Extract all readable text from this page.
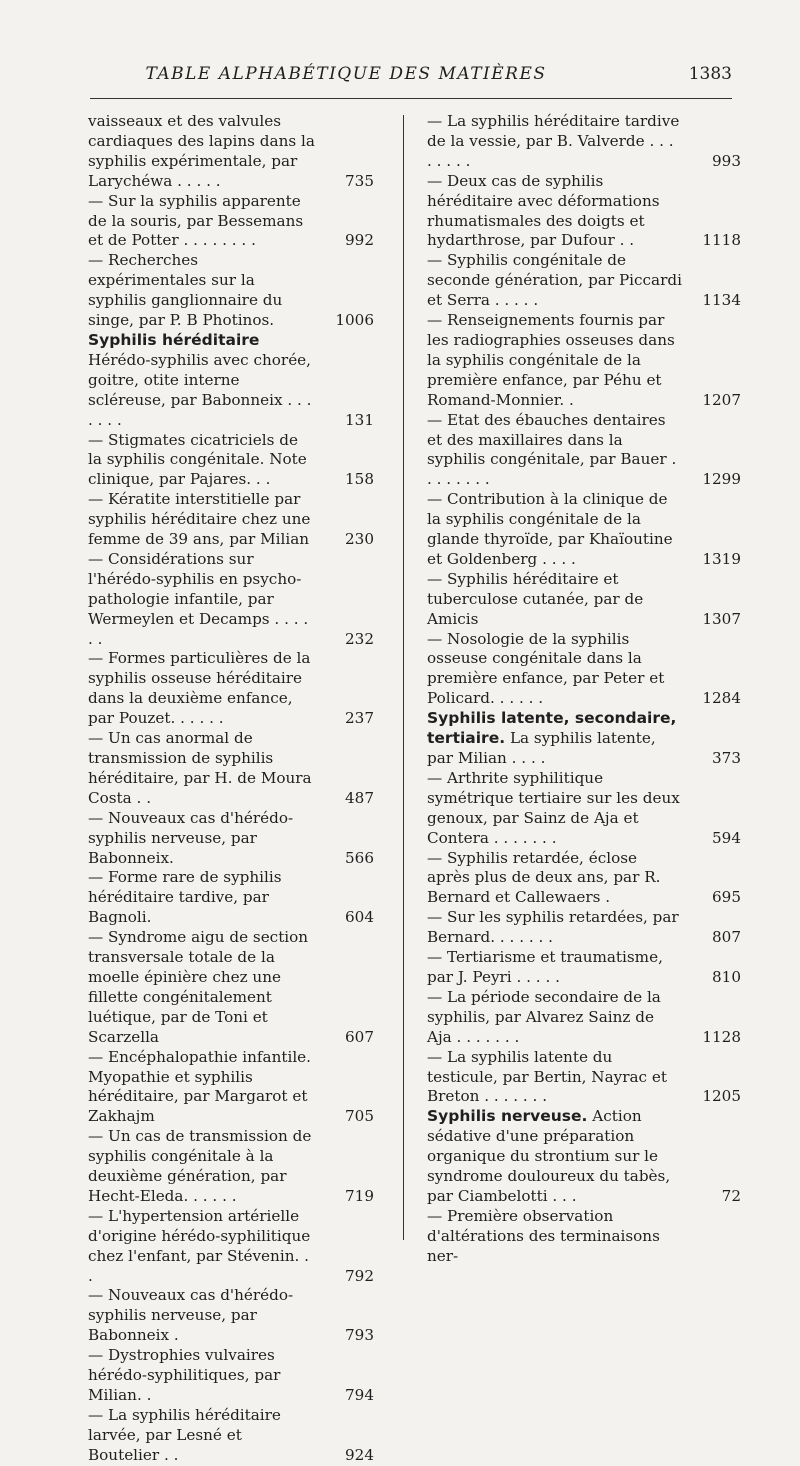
TABLE ALPHABÉTIQUE DES MATIÈRES	1383
vaisseaux et des valvules cardiaques des lapins dans la syphilis expérimentale, par Larychéwa . . . . .	735
— Sur la syphilis apparente de la souris, par Bessemans et de Potter . . . . . . . .	992
— Recherches expérimentales sur la syphilis ganglionnaire du singe, par P. B Photinos.	1006
Syphilis héréditaire Hérédo-syphilis avec chorée, goitre, otite interne scléreuse, par Babonneix . . . . . . .	131
— Stigmates cicatriciels de la syphilis congénitale. Note clinique, par Pajares. . .	158
— Kératite interstitielle par syphilis héréditaire chez une femme de 39 ans, par Milian	230
— Considérations sur l'hérédo-syphilis en psycho-pathologie infantile, par Wermeylen et Decamps . . . . . .	232
— Formes particulières de la syphilis osseuse héréditaire dans la deuxième enfance, par Pouzet. . . . . .	237
— Un cas anormal de transmission de syphilis héréditaire, par H. de Moura Costa . .	487
— Nouveaux cas d'hérédo-syphilis nerveuse, par Babonneix.	566
— Forme rare de syphilis héréditaire tardive, par Bagnoli.	604
— Syndrome aigu de section transversale totale de la moelle épinière chez une fillette congénitalement luétique, par de Toni et Scarzella	607
— Encéphalopathie infantile. Myopathie et syphilis héréditaire, par Margarot et Zakhajm	705
— Un cas de transmission de syphilis congénitale à la deuxième génération, par Hecht-Eleda. . . . . .	719
— L'hypertension artérielle d'origine hérédo-syphilitique chez l'enfant, par Stévenin. . .	792
— Nouveaux cas d'hérédo-syphilis nerveuse, par Babonneix .	793
— Dystrophies vulvaires hérédo-syphilitiques, par Milian. .	794
— La syphilis héréditaire larvée, par Lesné et Boutelier . .	924
— La syphilis héréditaire tardive de la vessie, par B. Valverde . . . . . . . .	993
— Deux cas de syphilis héréditaire avec déformations rhumatismales des doigts et hydarthrose, par Dufour . .	1118
— Syphilis congénitale de seconde génération, par Piccardi et Serra . . . . .	1134
— Renseignements fournis par les radiographies osseuses dans la syphilis congénitale de la première enfance, par Péhu et Romand-Monnier. .	1207
— Etat des ébauches dentaires et des maxillaires dans la syphilis congénitale, par Bauer . . . . . . . .	1299
— Contribution à la clinique de la syphilis congénitale de la glande thyroïde, par Khaïoutine et Goldenberg . . . .	1319
— Syphilis héréditaire et tuberculose cutanée, par de Amicis	1307
— Nosologie de la syphilis osseuse congénitale dans la première enfance, par Peter et Policard. . . . . .	1284
Syphilis latente, secondaire, tertiaire. La syphilis latente, par Milian . . . .	373
— Arthrite syphilitique symétrique tertiaire sur les deux genoux, par Sainz de Aja et Contera . . . . . . .	594
— Syphilis retardée, éclose après plus de deux ans, par R. Bernard et Callewaers .	695
— Sur les syphilis retardées, par Bernard. . . . . . .	807
— Tertiarisme et traumatisme, par J. Peyri . . . . .	810
— La période secondaire de la syphilis, par Alvarez Sainz de Aja . . . . . . .	1128
— La syphilis latente du testicule, par Bertin, Nayrac et Breton . . . . . . .	1205
Syphilis nerveuse. Action sédative d'une préparation organique du strontium sur le syndrome douloureux du tabès, par Ciambelotti . . .	72
— Première observation d'altérations des terminaisons ner-
